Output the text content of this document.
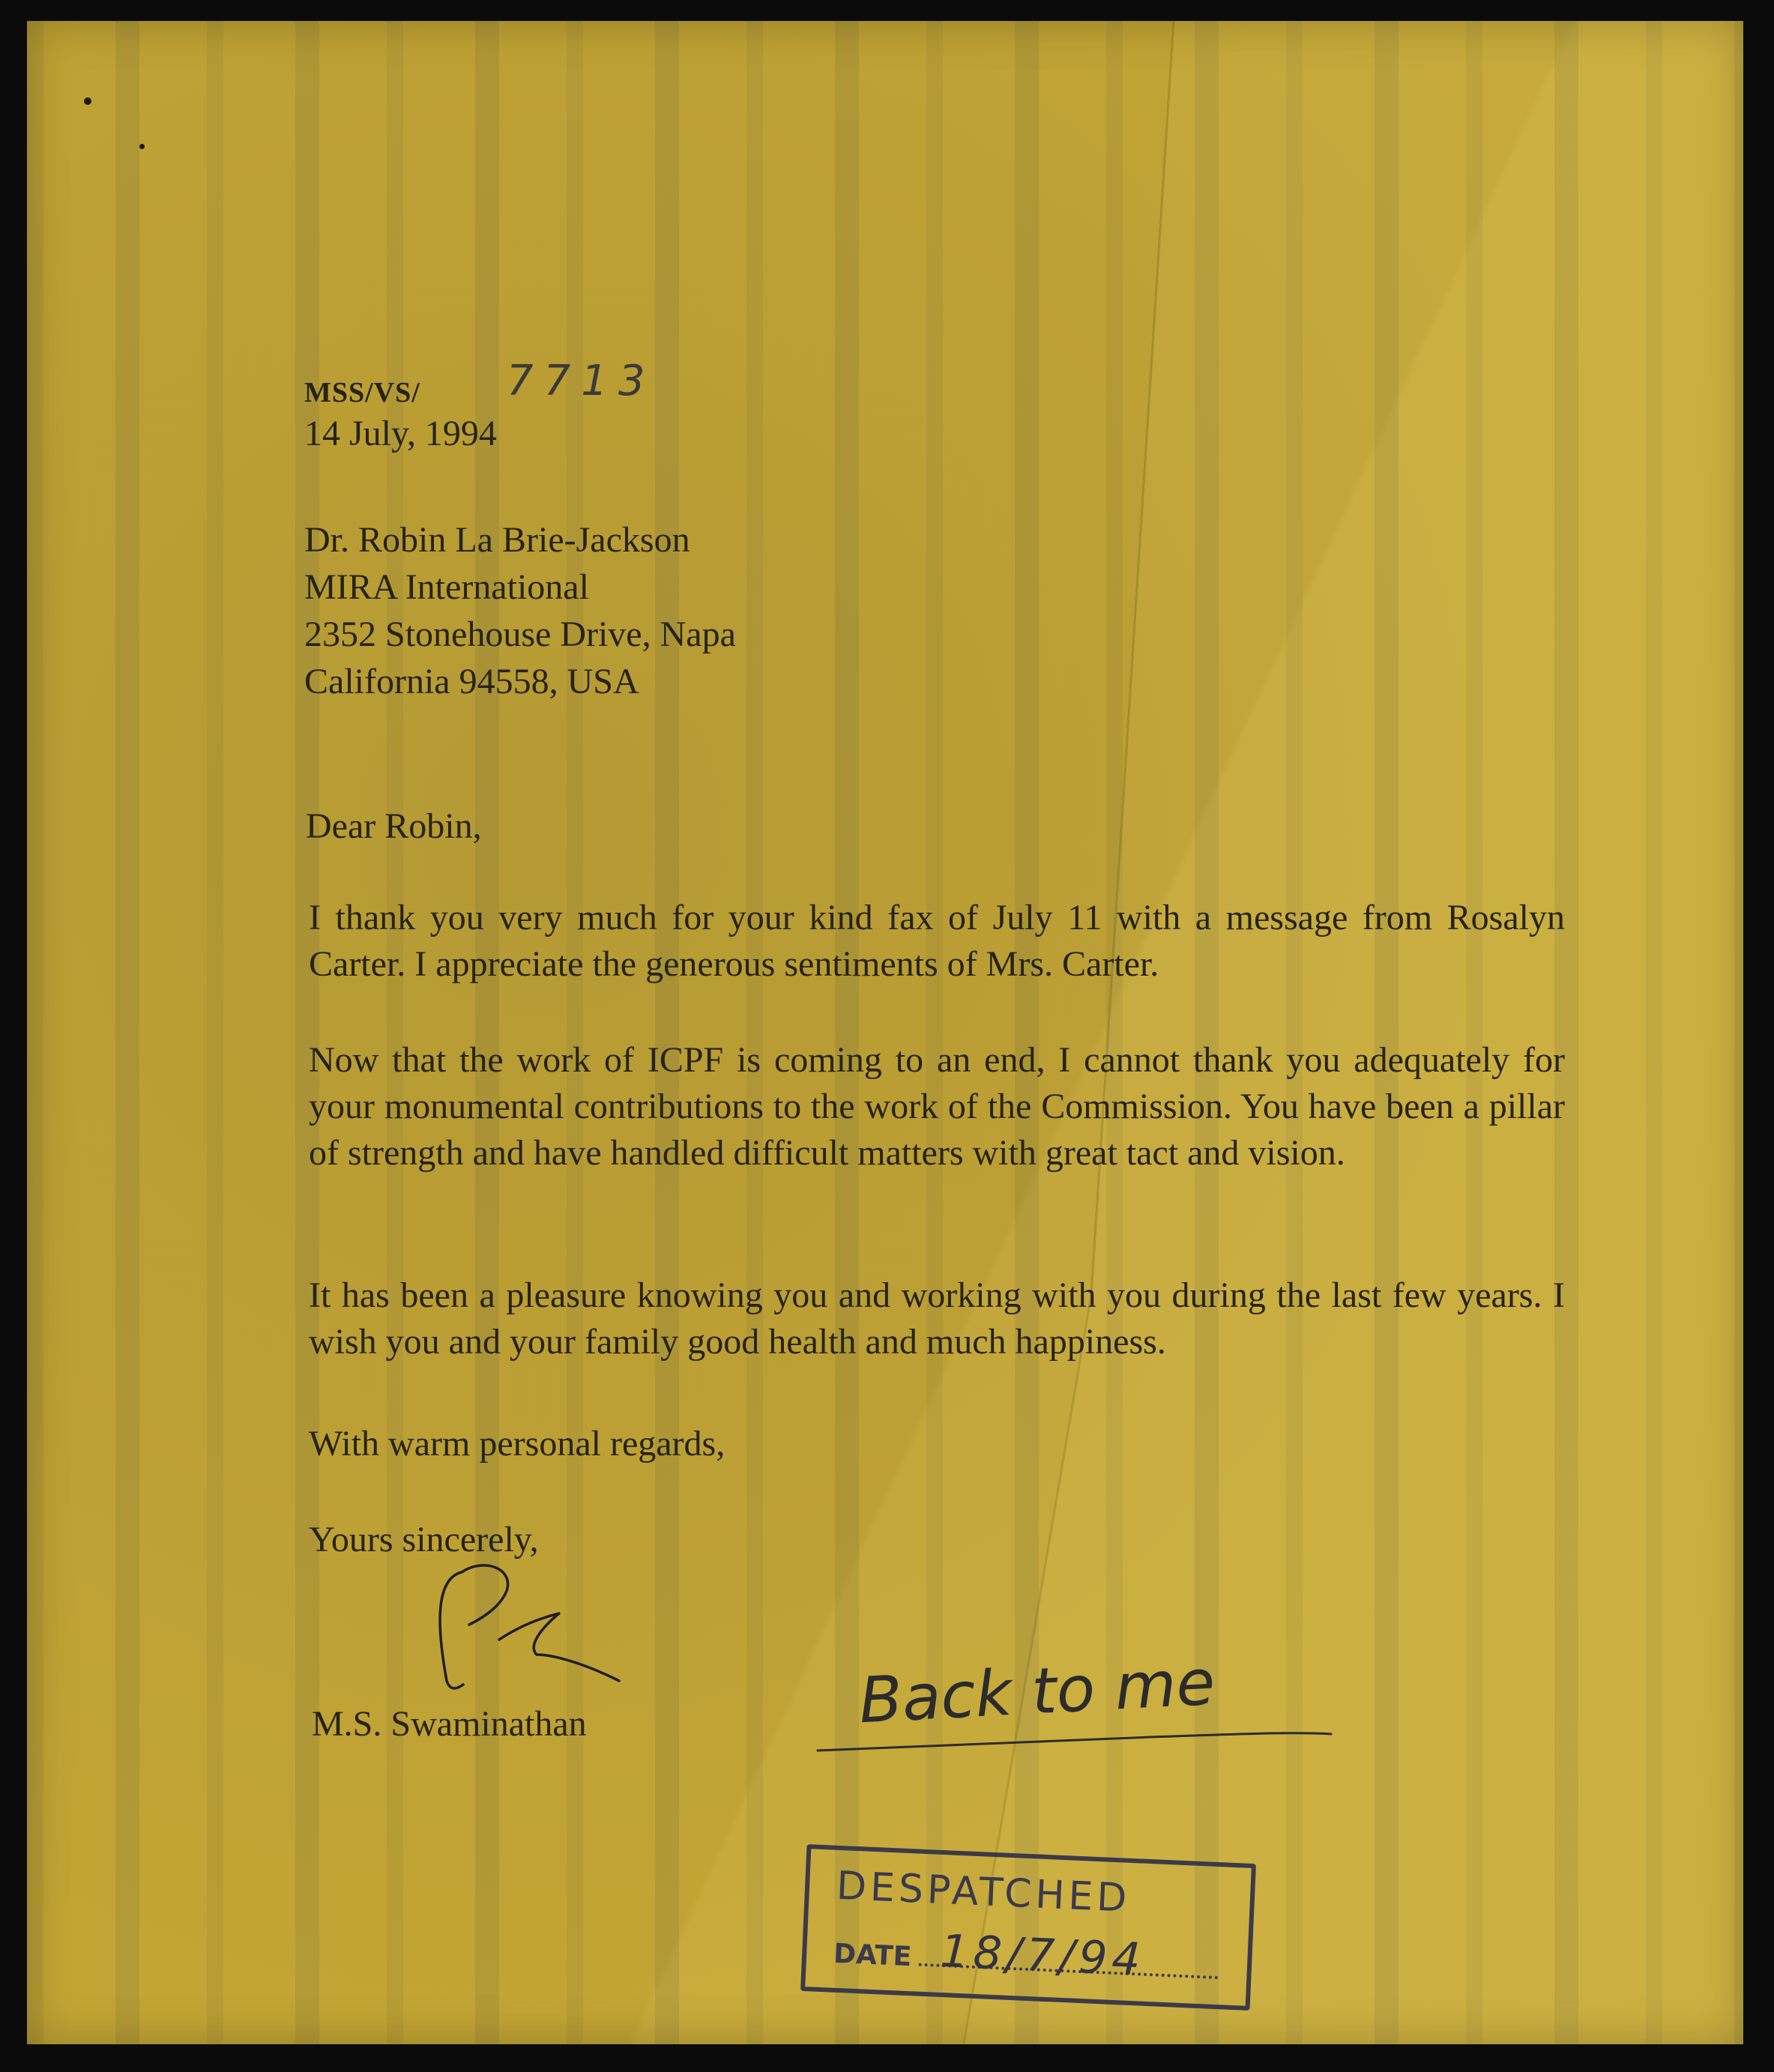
MSS/VS/ 7713
14 July, 1994
Dr. Robin La Brie-Jackson
MIRA International
2352 Stonehouse Drive, Napa
California 94558, USA
Dear Robin,
I thank you very much for your kind fax of July 11 with a message from Rosalyn Carter. I appreciate the generous sentiments of Mrs. Carter.
Now that the work of ICPF is coming to an end, I cannot thank you adequately for your monumental contributions to the work of the Commission. You have been a pillar of strength and have handled difficult matters with great tact and vision.
It has been a pleasure knowing you and working with you during the last few years. I wish you and your family good health and much happiness.
With warm personal regards,
Yours sincerely,
M.S. Swaminathan	Back to me
DESPATCHED
DATE 18/7/94
